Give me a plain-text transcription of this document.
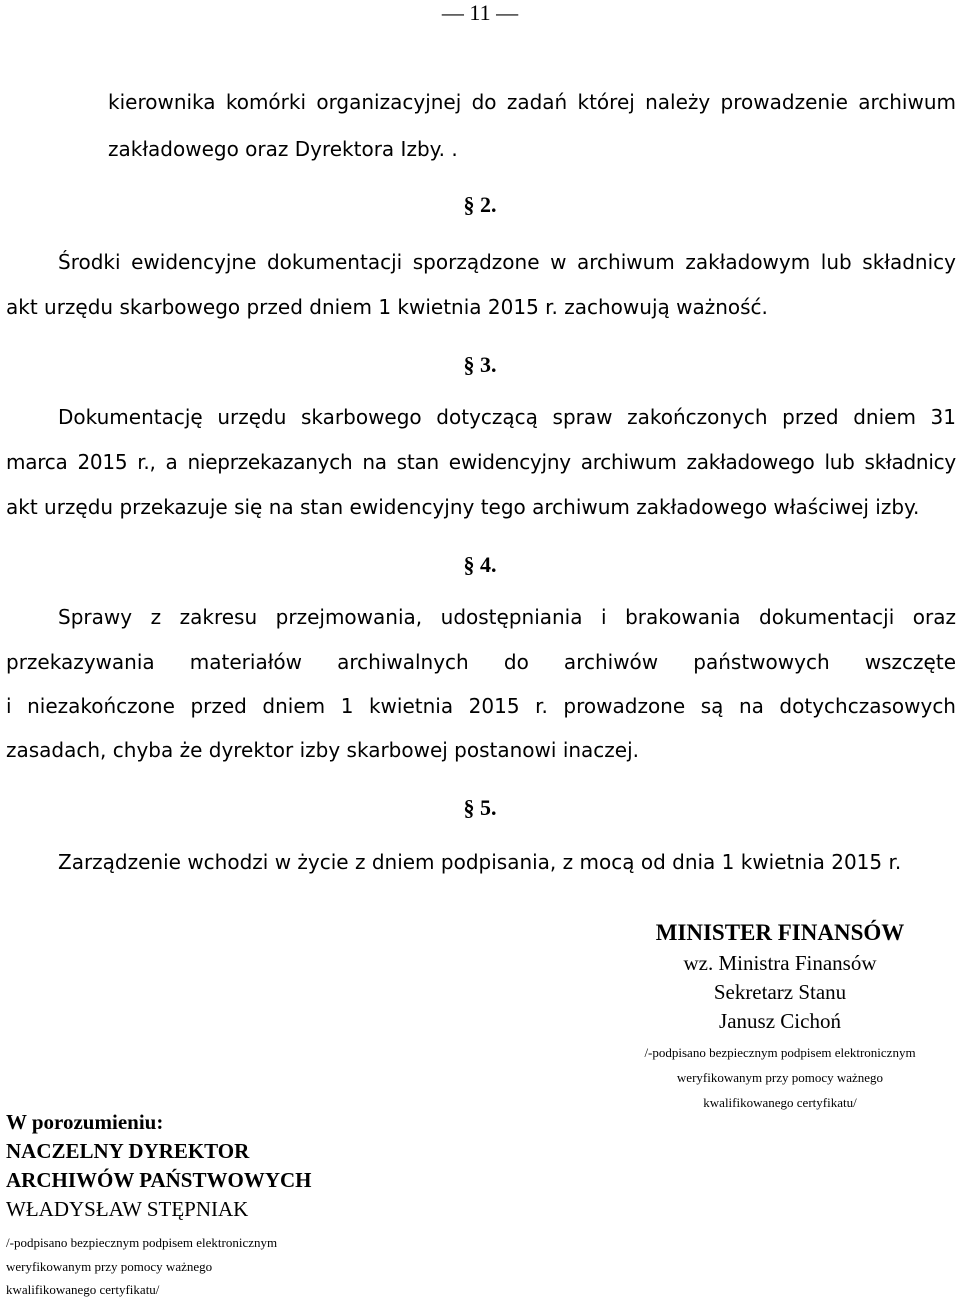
— 11 —
kierownika komórki organizacyjnej do zadań której należy prowadzenie archiwum
zakładowego oraz Dyrektora Izby. .
§ 2.
Środki ewidencyjne dokumentacji sporządzone w archiwum zakładowym lub składnicy
akt urzędu skarbowego przed dniem 1 kwietnia 2015 r. zachowują ważność.
§ 3.
Dokumentację urzędu skarbowego dotyczącą spraw zakończonych przed dniem 31
marca 2015 r., a nieprzekazanych na stan ewidencyjny archiwum zakładowego lub składnicy
akt urzędu przekazuje się na stan ewidencyjny tego archiwum zakładowego właściwej izby.
§ 4.
Sprawy z zakresu przejmowania, udostępniania i brakowania dokumentacji oraz
przekazywania materiałów archiwalnych do archiwów państwowych wszczęte
i niezakończone przed dniem 1 kwietnia 2015 r. prowadzone są na dotychczasowych
zasadach, chyba że dyrektor izby skarbowej postanowi inaczej.
§ 5.
Zarządzenie wchodzi w życie z dniem podpisania, z mocą od dnia 1 kwietnia 2015 r.
MINISTER FINANSÓW
wz. Ministra Finansów
Sekretarz Stanu
Janusz Cichoń
/-podpisano bezpiecznym podpisem elektronicznym
weryfikowanym przy pomocy ważnego
kwalifikowanego certyfikatu/
W porozumieniu:
NACZELNY DYREKTOR
ARCHIWÓW PAŃSTWOWYCH
WŁADYSŁAW STĘPNIAK
/-podpisano bezpiecznym podpisem elektronicznym
weryfikowanym przy pomocy ważnego
kwalifikowanego certyfikatu/
